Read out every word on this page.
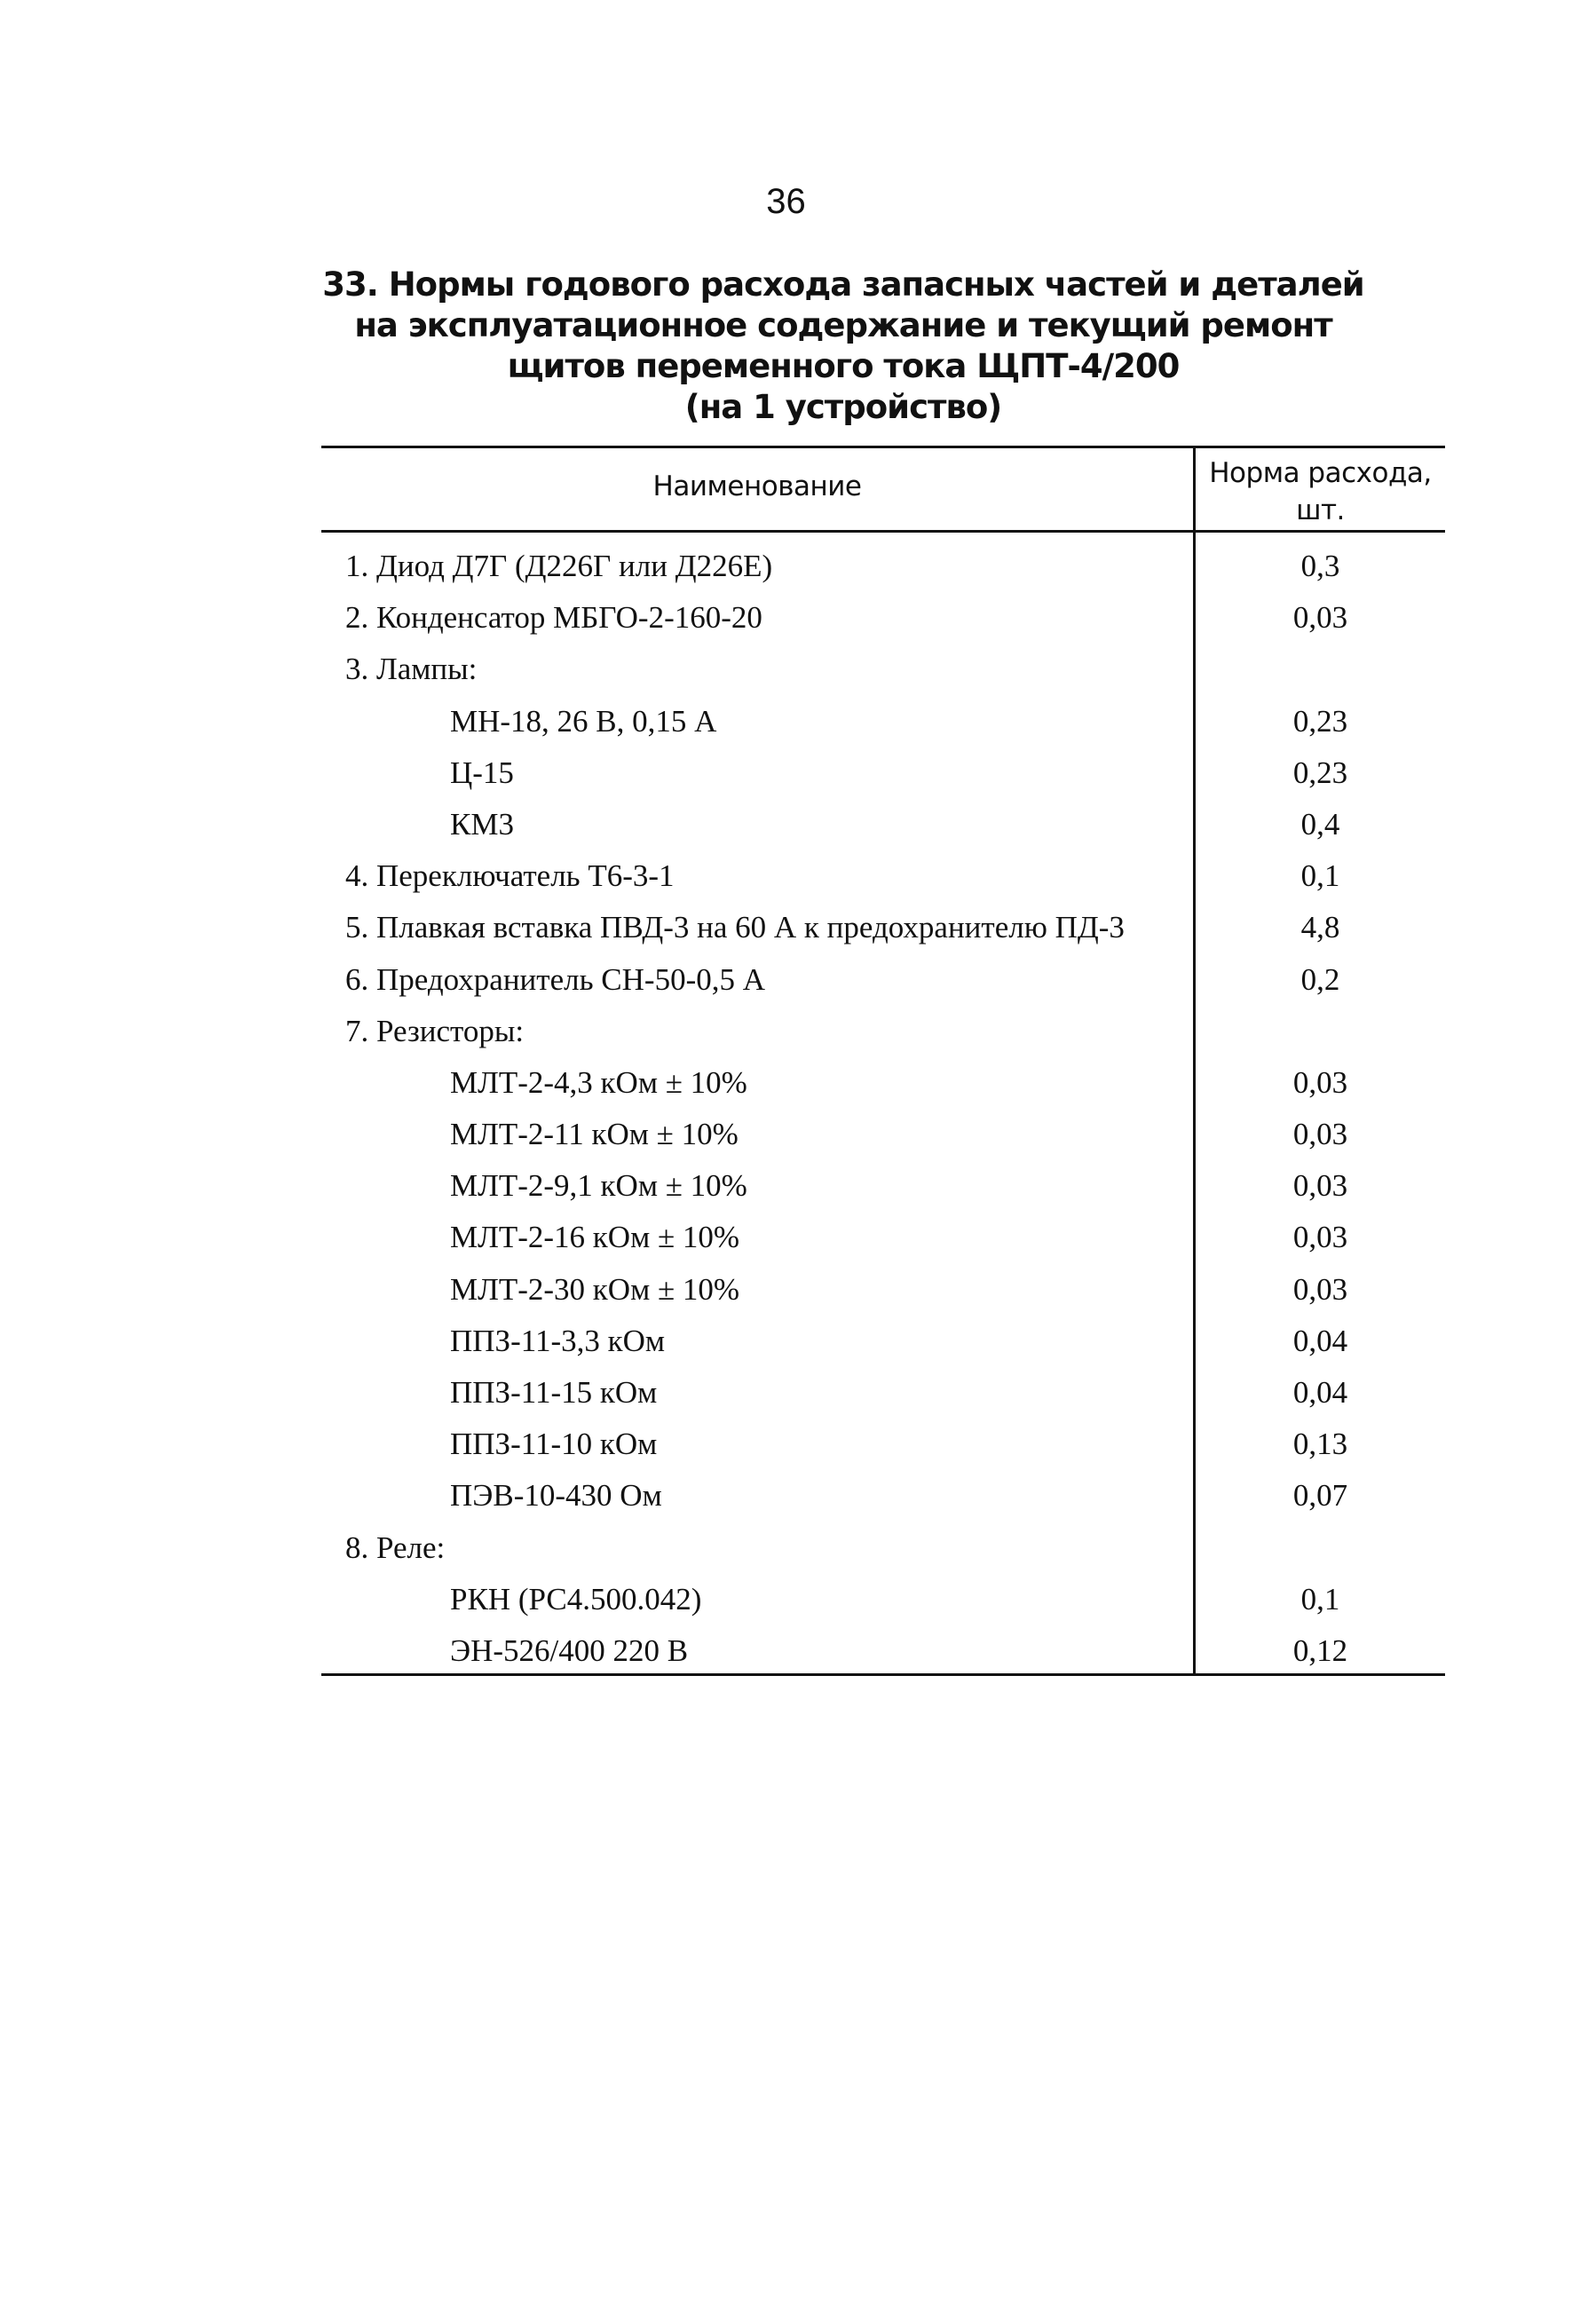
36
33. Нормы годового расхода запасных частей и деталей
на эксплуатационное содержание и текущий ремонт
щитов переменного тока ЩПТ-4/200
(на 1 устройство)
Наименование	Норма расхода,
шт.
1. Диод Д7Г (Д226Г или Д226Е)	0,3
2. Конденсатор МБГО-2-160-20	0,03
3. Лампы:
МН-18, 26 В, 0,15 А	0,23
Ц-15	0,23
КМ3	0,4
4. Переключатель Т6-3-1	0,1
5. Плавкая вставка ПВД-3 на 60 А к предохранителю ПД-3	4,8
6. Предохранитель СН-50-0,5 А	0,2
7. Резисторы:
МЛТ-2-4,3 кОм ± 10%	0,03
МЛТ-2-11 кОм ± 10%	0,03
МЛТ-2-9,1 кОм ± 10%	0,03
МЛТ-2-16 кОм ± 10%	0,03
МЛТ-2-30 кОм ± 10%	0,03
ППЗ-11-3,3 кОм	0,04
ППЗ-11-15 кОм	0,04
ППЗ-11-10 кОм	0,13
ПЭВ-10-430 Ом	0,07
8. Реле:
РКН (РС4.500.042)	0,1
ЭН-526/400 220 В	0,12
